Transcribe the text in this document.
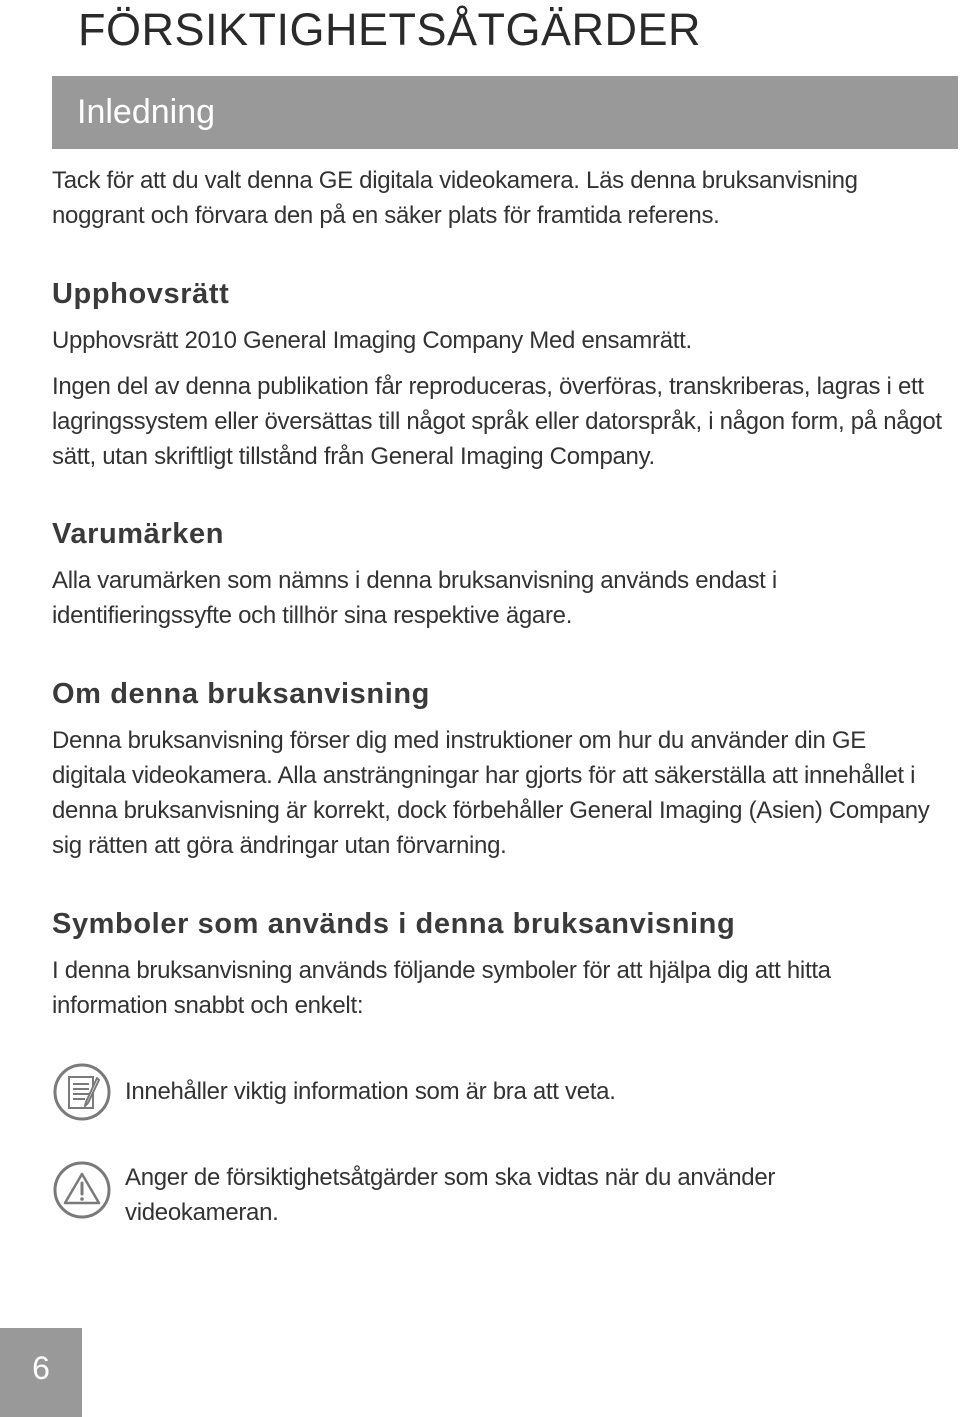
FÖRSIKTIGHETSÅTGÄRDER
Inledning

Tack för att du valt denna GE digitala videokamera. Läs denna bruksanvisning noggrant och förvara den på en säker plats för framtida referens.

Upphovsrätt

Upphovsrätt 2010 General Imaging Company Med ensamrätt.

Ingen del av denna publikation får reproduceras, överföras, transkriberas, lagras i ett lagringssystem eller översättas till något språk eller datorspråk, i någon form, på något sätt, utan skriftligt tillstånd från General Imaging Company.

Varumärken

Alla varumärken som nämns i denna bruksanvisning används endast i identifieringssyfte och tillhör sina respektive ägare.

Om denna bruksanvisning

Denna bruksanvisning förser dig med instruktioner om hur du använder din GE digitala videokamera. Alla ansträngningar har gjorts för att säkerställa att innehållet i denna bruksanvisning är korrekt, dock förbehåller General Imaging (Asien) Company sig rätten att göra ändringar utan förvarning.

Symboler som används i denna bruksanvisning

I denna bruksanvisning används följande symboler för att hjälpa dig att hitta information snabbt och enkelt:

Innehåller viktig information som är bra att veta.

Anger de försiktighetsåtgärder som ska vidtas när du använder videokameran.

6
